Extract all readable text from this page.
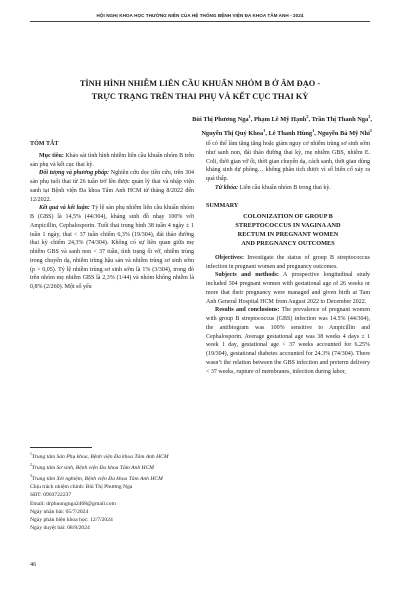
HỘI NGHỊ KHOA HỌC THƯỜNG NIÊN CỦA HỆ THỐNG BỆNH VIỆN ĐA KHOA TÂM ANH - 2024
TÌNH HÌNH NHIỄM LIÊN CẦU KHUẨN NHÓM B Ở ÂM ĐẠO -
TRỰC TRẠNG TRÊN THAI PHỤ VÀ KẾT CỤC THAI KỲ
Bùi Thị Phương Nga$^1$, Phạm Lê Mỹ Hạnh$^2$, Trần Thị Thanh Nga$^3$,
Nguyễn Thị Quý Khoa$^1$, Lê Thanh Hùng$^1$, Nguyễn Bá Mỹ Nhi$^1$
TÓM TẮT

Mục tiêu: Khảo sát tình hình nhiễm liên cầu khuẩn nhóm B trên sản phụ và kết cục thai kỳ.

Đối tượng và phương pháp: Nghiên cứu dọc tiền cứu, trên 304 sản phụ tuổi thai từ 26 tuần trở lên được quản lý thai và nhập viện sanh tại Bệnh viện Đa khoa Tâm Anh HCM từ tháng 8/2022 đến 12/2022.

Kết quả và kết luận: Tỷ lệ sản phụ nhiễm liên cầu khuẩn nhóm B (GBS) là 14,5% (44/304), kháng sinh đồ nhạy 100% với Ampicillin, Cephalosporin. Tuổi thai trung bình 38 tuần 4 ngày ± 1 tuần 1 ngày, thai < 37 tuần chiếm 6,3% (19/304), đái tháo đường thai kỳ chiếm 24,3% (74/304). Không có sự liên quan giữa mẹ nhiễm GBS và sanh non < 37 tuần, tình trạng ối vỡ, nhiễm trùng trong chuyển dạ, nhiễm trùng hậu sản và nhiễm trùng sơ sinh sớm (p > 0,05). Tỷ lệ nhiễm trùng sơ sinh sớm là 1% (3/304), trong đó trên nhóm mẹ nhiễm GBS là 2,3% (1/44) và nhóm không nhiễm là 0,8% (2/260). Một số yếu

$^1$Trung tâm Sản Phụ khoa, Bệnh viện Đa khoa Tâm Anh HCM
$^2$Trung tâm Sơ sinh, Bệnh viện Đa khoa Tâm Anh HCM
$^3$Trung tâm Xét nghiệm, Bệnh viện Đa khoa Tâm Anh HCM
Chịu trách nhiệm chính: Bùi Thị Phương Nga
SĐT: 0903722237
Email: drphuongnga2468@gmail.com
Ngày nhận bài: 05/7/2024
Ngày phản biện khoa học: 12/7/2024
Ngày duyệt bài: 08/8/2024

tố có thể làm tăng tăng hoặc giảm nguy cơ nhiễm trùng sơ sinh sớm như sanh non, đái tháo đường thai kỳ, mẹ nhiễm GBS, nhiễm E. Coli, thời gian vỡ ối, thời gian chuyển dạ, cách sanh, thời gian dùng kháng sinh dự phòng… không phân tích được vì số biến cố xảy ra quá thấp.

Từ khóa: Liên cầu khuẩn nhóm B trong thai kỳ.

SUMMARY
COLONIZATION OF GROUP B
STREPTOCOCCUS IN VAGINA AND
RECTUM IN PREGNANT WOMEN
AND PREGNANCY OUTCOMES

Objectives: Investigate the status of group B streptococcus infection in pregnant women and pregnancy outcomes.

Subjects and methods: A prospective longitudinal study included 304 pregnant women with gestational age of 26 weeks or more that their pregnancy were managed and given birth at Tam Anh General Hospital HCM from August 2022 to December 2022.

Results and conclusions: The prevalence of pregnant women with group B streptococcus (GBS) infection was 14.5% (44/304), the antibiogram was 100% sensitive to Ampicillin and Cephalosporin. Average gestational age was 38 weeks 4 days ± 1 week 1 day, gestational age < 37 weeks accounted for 6.25% (19/304), gestational diabetes accounted for 24.3% (74/304). There wasn’t the relation between the GBS infection and preterm delivery < 37 weeks, rupture of membranes, infection during labor,

46
